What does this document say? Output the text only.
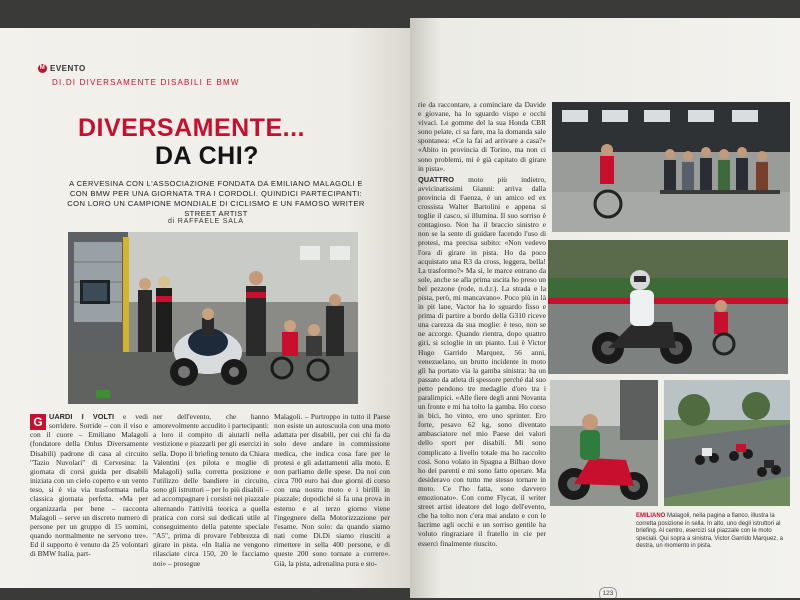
M EVENTO
DI.DI DIVERSAMENTE DISABILI E BMW
DIVERSAMENTE...
DA CHI?
A CERVESINA CON L'ASSOCIAZIONE FONDATA DA EMILIANO MALAGOLI E CON BMW PER UNA GIORNATA TRA I CORDOLI. QUINDICI PARTECIPANTI: CON LORO UN CAMPIONE MONDIALE DI CICLISMO E UN FAMOSO WRITER STREET ARTIST
di RAFFAELE SALA

G UARDI I VOLTI e vedi sorridere. Sorride – con il viso e con il cuore – Emiliano Malagoli (fondatore della Onlus Diversamente Disabili) padrone di casa al circuito "Tazio Nuvolari" di Cervesina: la giornata di corsi guida per disabili iniziata con un cielo coperto e un vento teso, si è via via trasformata nella classica giornata perfetta. «Ma per organizzarla per bene – racconta Malagoli – serve un discreto numero di persone per un gruppo di 15 uomini, quando normalmente ne servono tre». Ed il supporto è venuto da 25 volontari di BMW Italia, part-

ner dell'evento, che hanno amorevolmente accudito i partecipanti: a loro il compito di aiutarli nella vestizione e piazzarli per gli esercizi in sella. Dopo il briefing tenuto da Chiara Valentini (ex pilota e moglie di Malagoli) sulla corretta posizione e l'utilizzo delle bandiere in circuito, sono gli istruttori – per lo più disabili – ad accompagnare i corsisti nei piazzale alternando l'attività teorica a quella pratica con corsi sui dedicati utile al conseguimento della patente speciale "A5", prima di provare l'ebbrezza di girare in pista. «In Italia ne vengono rilasciate circa 150, 20 le facciamo noi» – prosegue

Malagoli. – Purtroppo in tutto il Paese non esiste un autoscuola con una moto adattata per disabili, per cui chi fa da solo deve andare in commissione medica, che indica cosa fare per le protesi e gli adattamenti alla moto. E non parliamo delle spese. Da noi con circa 700 euro hai due giorni di corso con una nostra moto e i birilli in piazzale; dopodiché sì fa una prova in esterno e al terzo giorno viene l'ingegnere della Motorizzazione per l'esame. Non solo: da quando siamo nati come Di.Di siamo riusciti a rimettere in sella 400 persone, e di queste 200 sono tornate a correre». Già, la pista, adrenalina pura e sto-

rie da raccontare, a cominciare da Davide e giovane, ha lo sguardo vispo e occhi vivaci. Le gomme del la sua Honda CBR sono pelate, ci sa fare, ma la domanda sale spontanea: «Ce la fai ad arrivare a casa?» «Abito in provincia di Torino, ma non ci sono problemi, mi è già capitato di girare in pista».

QUATTRO moto più indietro, avvicinatissimi Gianni: arriva dalla provincia di Faenza, è un amico ed ex crossista Walter Bartolini e appena si toglie il casco, si illumina. Il suo sorriso è contagioso. Non ha il braccio sinistro e non se la sente di guidare facendo l'uso di protesi, ma precisa subito: «Non vedevo l'ora di girare in pista. Ho da poco acquistato una R3 da cross, leggera, bella! La trasformo?» Ma sì, le marce entrano da sole, anche se alla prima uscita ho preso un bel pezzone (rode, n.d.r.). La strada e la pista, però, mi mancavano». Poco più in là in pit lane, Vactor ha lo sguardo fisso e prima di partire a bordo della G310 riceve una carezza da sua moglie: è teso, non se ne accorge. Quando rientra, dopo quattro giri, si scioglie in un pianto. Lui è Victor Hugo Garrido Marquez, 56 anni, venezuelano, un brutto incidente in moto gli ha portato via la gamba sinistra: ha un passato da atleta di spessore perché dal suo petto pendono tre medaglie d'oro tra i paralimpici. «Alle fiere degli anni Novanta un fronte e mi ha tolto la gamba. Ho corso in bici, ho vinto, ero uno sprinter. Ero forte, pesavo 62 kg, sono diventato ambasciatore nel mio Paese dei valori dello sport per disabili. Mi sono complicato a livello totale ma ho raccolto così. Sono volato in Spagna a Bilbao dove ho dei parenti e mi sono fatto operare. Ma desideravo con tutto me stesso tornare in moto. Ce l'ho fatta, sono davvero emozionato». Con come Flycat, il writer street artist ideatore del logo dell'evento, che ha tolto non c'era mai andato e con le lacrime agli occhi e un sorriso gentile ha voluto ringraziare il fratello in cie per esserci finalmente riuscito.

EMILIANO Malagoli, nella pagina a fianco, illustra la corretta posizione in sella. In alto, uno degli istruttori al briefing. Al centro, esercizi sul piazzale con le moto speciali. Qui sopra a sinistra, Victor Garrido Marquez, a destra, un momento in pista.
123
